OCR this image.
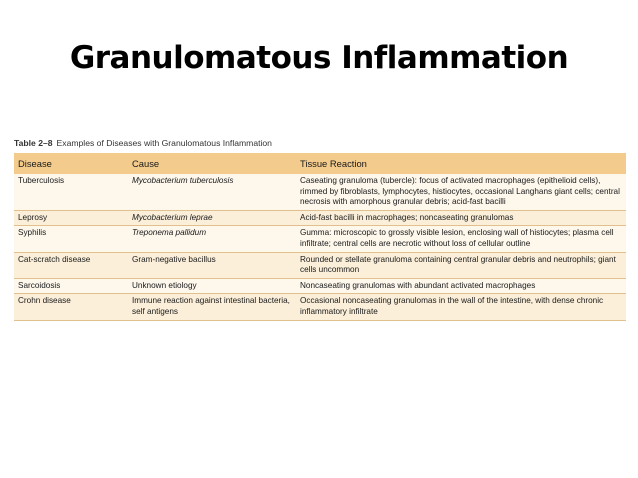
Granulomatous Inflammation
Table 2–8 Examples of Diseases with Granulomatous Inflammation
Disease	Cause	Tissue Reaction
Tuberculosis	Mycobacterium tuberculosis	Caseating granuloma (tubercle): focus of activated macrophages (epithelioid cells), rimmed by fibroblasts, lymphocytes, histiocytes, occasional Langhans giant cells; central necrosis with amorphous granular debris; acid-fast bacilli
Leprosy	Mycobacterium leprae	Acid-fast bacilli in macrophages; noncaseating granulomas
Syphilis	Treponema pallidum	Gumma: microscopic to grossly visible lesion, enclosing wall of histiocytes; plasma cell infiltrate; central cells are necrotic without loss of cellular outline
Cat-scratch disease	Gram-negative bacillus	Rounded or stellate granuloma containing central granular debris and neutrophils; giant cells uncommon
Sarcoidosis	Unknown etiology	Noncaseating granulomas with abundant activated macrophages
Crohn disease	Immune reaction against intestinal bacteria, self antigens	Occasional noncaseating granulomas in the wall of the intestine, with dense chronic inflammatory infiltrate
